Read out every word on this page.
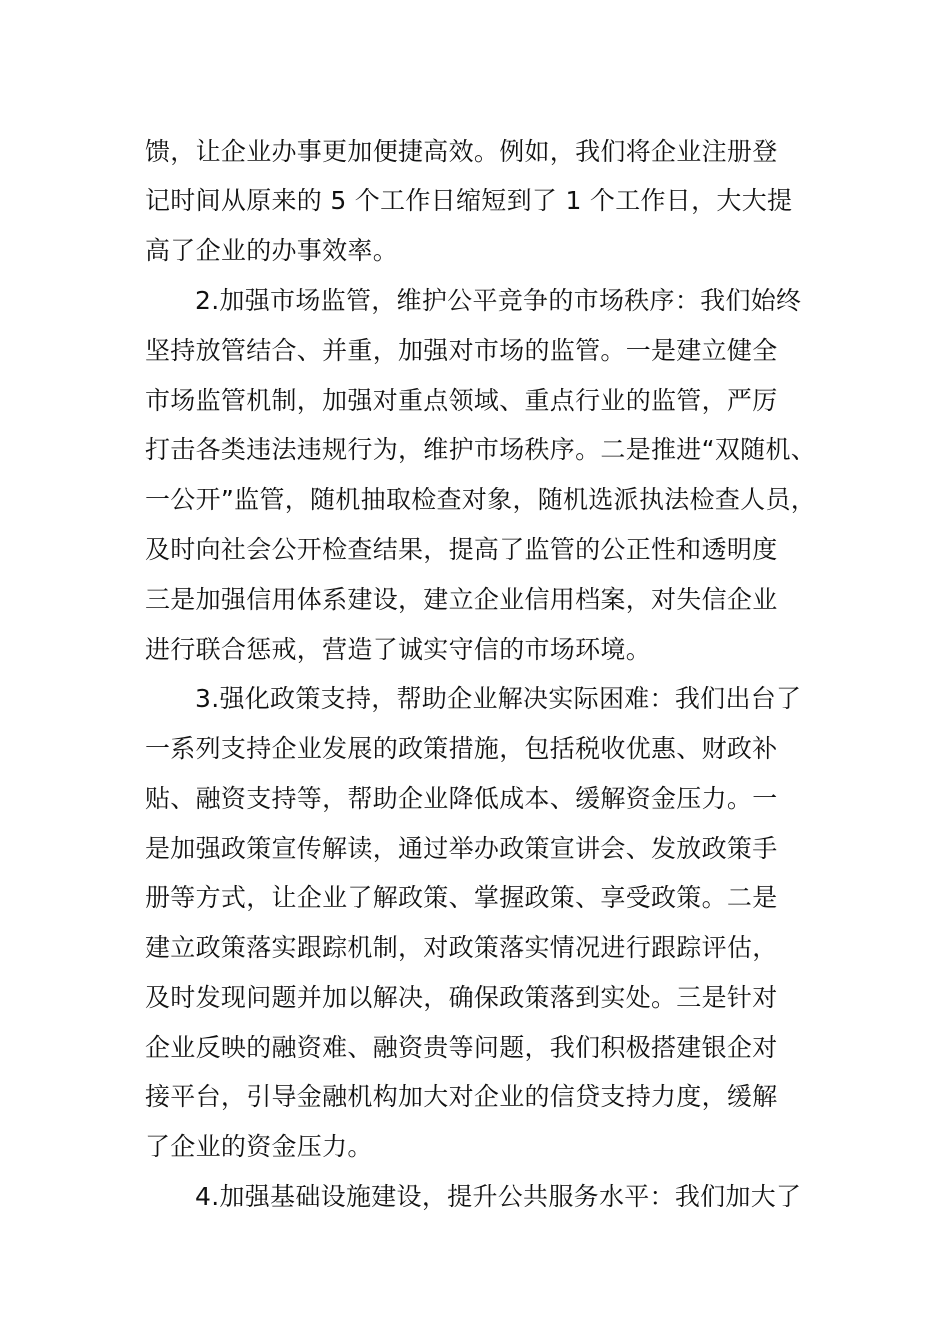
馈，让企业办事更加便捷高效。例如，我们将企业注册登
记时间从原来的 5 个工作日缩短到了 1 个工作日，大大提
高了企业的办事效率。
2.加强市场监管，维护公平竞争的市场秩序：我们始终
坚持放管结合、并重，加强对市场的监管。一是建立健全
市场监管机制，加强对重点领域、重点行业的监管，严厉
打击各类违法违规行为，维护市场秩序。二是推进“双随机、
一公开”监管，随机抽取检查对象，随机选派执法检查人员，
及时向社会公开检查结果，提高了监管的公正性和透明度
三是加强信用体系建设，建立企业信用档案，对失信企业
进行联合惩戒，营造了诚实守信的市场环境。
3.强化政策支持，帮助企业解决实际困难：我们出台了
一系列支持企业发展的政策措施，包括税收优惠、财政补
贴、融资支持等，帮助企业降低成本、缓解资金压力。一
是加强政策宣传解读，通过举办政策宣讲会、发放政策手
册等方式，让企业了解政策、掌握政策、享受政策。二是
建立政策落实跟踪机制，对政策落实情况进行跟踪评估，
及时发现问题并加以解决，确保政策落到实处。三是针对
企业反映的融资难、融资贵等问题，我们积极搭建银企对
接平台，引导金融机构加大对企业的信贷支持力度，缓解
了企业的资金压力。
4.加强基础设施建设，提升公共服务水平：我们加大了
